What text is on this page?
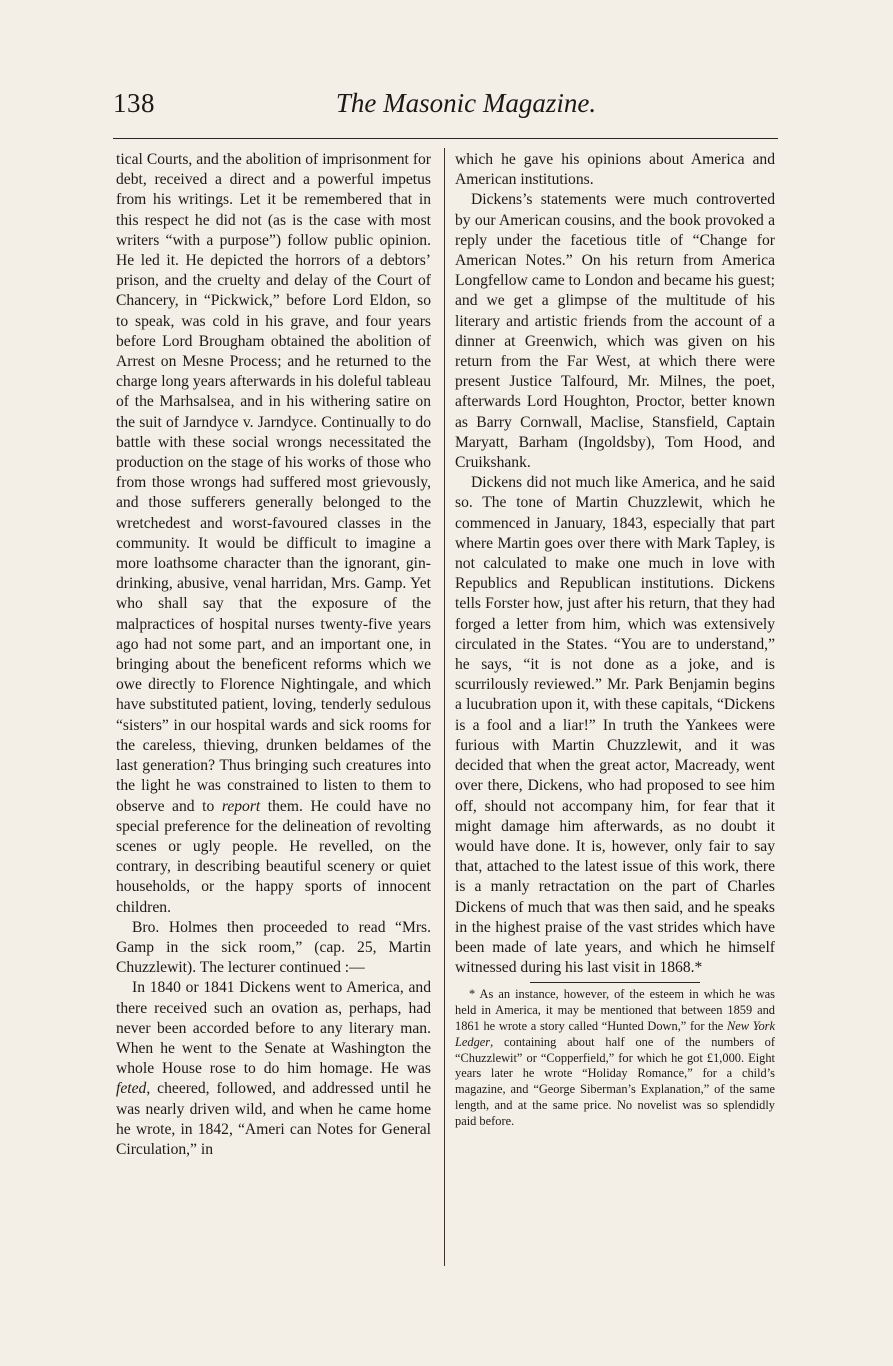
138	The Masonic Magazine.

tical Courts, and the abolition of imprisonment for debt, received a direct and a powerful impetus from his writings. Let it be remembered that in this respect he did not (as is the case with most writers “with a purpose”) follow public opinion. He led it. He depicted the horrors of a debtors’ prison, and the cruelty and delay of the Court of Chancery, in “Pickwick,” before Lord Eldon, so to speak, was cold in his grave, and four years before Lord Brougham obtained the abolition of Arrest on Mesne Process; and he returned to the charge long years afterwards in his doleful tableau of the Marhsalsea, and in his withering satire on the suit of Jarndyce v. Jarndyce. Continually to do battle with these social wrongs necessitated the production on the stage of his works of those who from those wrongs had suffered most grievously, and those sufferers generally belonged to the wretchedest and worst-favoured classes in the community. It would be difficult to imagine a more loathsome character than the ignorant, gin-drinking, abusive, venal harridan, Mrs. Gamp. Yet who shall say that the exposure of the malpractices of hospital nurses twenty-five years ago had not some part, and an important one, in bringing about the beneficent reforms which we owe directly to Florence Nightingale, and which have substituted patient, loving, tenderly sedulous “sisters” in our hospital wards and sick rooms for the careless, thieving, drunken beldames of the last generation? Thus bringing such creatures into the light he was constrained to listen to them to observe and to report them. He could have no special preference for the delineation of revolting scenes or ugly people. He revelled, on the contrary, in describing beautiful scenery or quiet households, or the happy sports of innocent children.

Bro. Holmes then proceeded to read “Mrs. Gamp in the sick room,” (cap. 25, Martin Chuzzlewit). The lecturer continued :—

In 1840 or 1841 Dickens went to America, and there received such an ovation as, perhaps, had never been accorded before to any literary man. When he went to the Senate at Washington the whole House rose to do him homage. He was feted, cheered, followed, and addressed until he was nearly driven wild, and when he came home he wrote, in 1842, “Ameri can Notes for General Circulation,” in

which he gave his opinions about America and American institutions.

Dickens’s statements were much controverted by our American cousins, and the book provoked a reply under the facetious title of “Change for American Notes.” On his return from America Longfellow came to London and became his guest; and we get a glimpse of the multitude of his literary and artistic friends from the account of a dinner at Greenwich, which was given on his return from the Far West, at which there were present Justice Talfourd, Mr. Milnes, the poet, afterwards Lord Houghton, Proctor, better known as Barry Cornwall, Maclise, Stansfield, Captain Maryatt, Barham (Ingoldsby), Tom Hood, and Cruikshank.

Dickens did not much like America, and he said so. The tone of Martin Chuzzlewit, which he commenced in January, 1843, especially that part where Martin goes over there with Mark Tapley, is not calculated to make one much in love with Republics and Republican institutions. Dickens tells Forster how, just after his return, that they had forged a letter from him, which was extensively circulated in the States. “You are to understand,” he says, “it is not done as a joke, and is scurrilously reviewed.” Mr. Park Benjamin begins a lucubration upon it, with these capitals, “Dickens is a fool and a liar!” In truth the Yankees were furious with Martin Chuzzlewit, and it was decided that when the great actor, Macready, went over there, Dickens, who had proposed to see him off, should not accompany him, for fear that it might damage him afterwards, as no doubt it would have done. It is, however, only fair to say that, attached to the latest issue of this work, there is a manly retractation on the part of Charles Dickens of much that was then said, and he speaks in the highest praise of the vast strides which have been made of late years, and which he himself witnessed during his last visit in 1868.*

* As an instance, however, of the esteem in which he was held in America, it may be mentioned that between 1859 and 1861 he wrote a story called “Hunted Down,” for the New York Ledger, containing about half one of the numbers of “Chuzzlewit” or “Copperfield,” for which he got £1,000. Eight years later he wrote “Holiday Romance,” for a child’s magazine, and “George Siberman’s Explanation,” of the same length, and at the same price. No novelist was so splendidly paid before.
